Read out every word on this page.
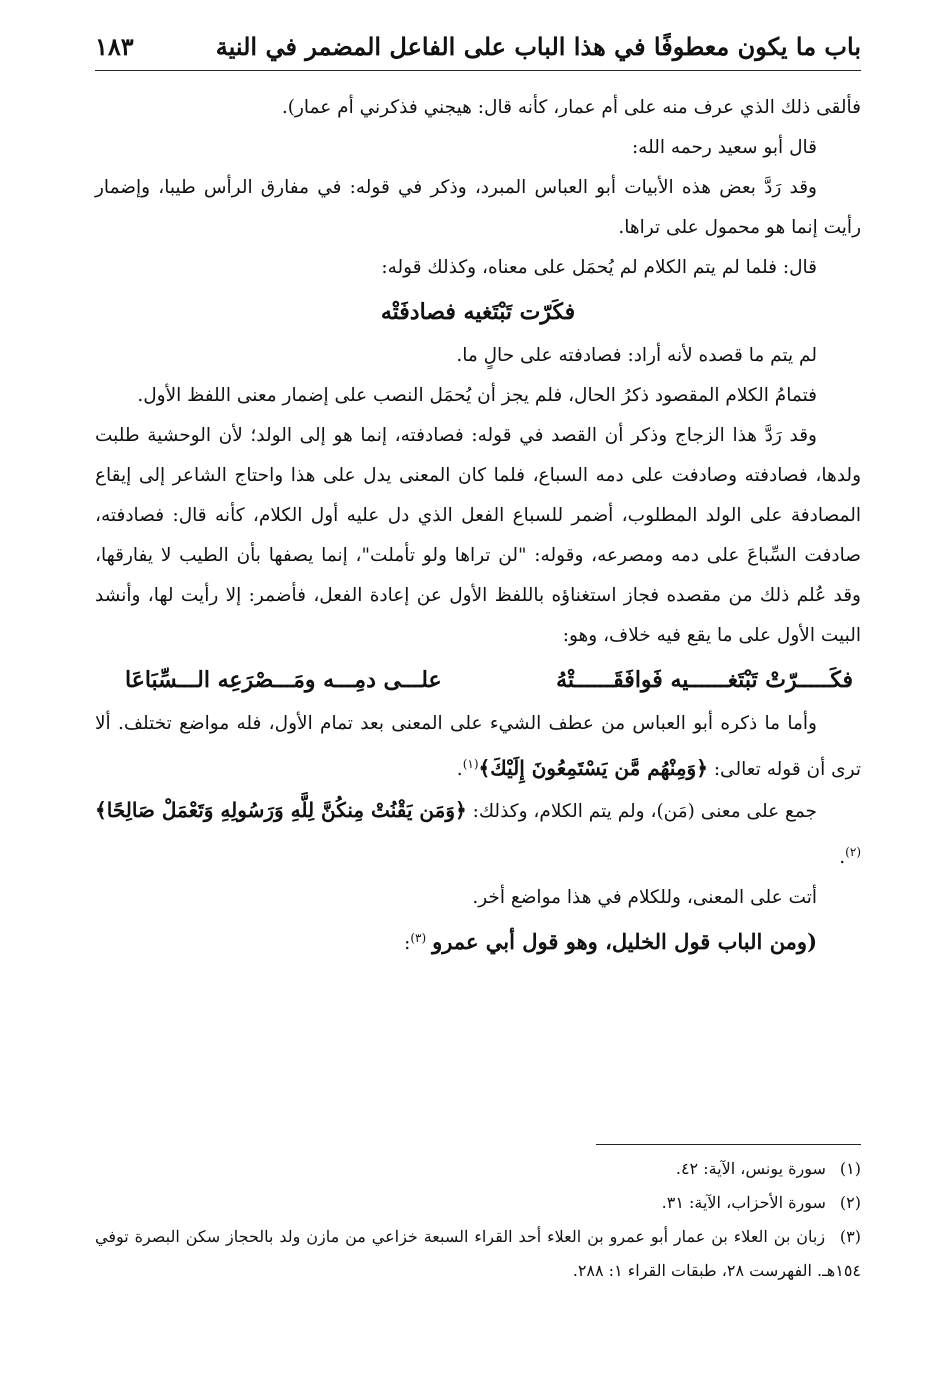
باب ما يكون معطوفًا في هذا الباب على الفاعل المضمر في النية
١٨٣

فألقى ذلك الذي عرف منه على أم عمار، كأنه قال: هيجني فذكرني أم عمار).

قال أبو سعيد رحمه الله:

وقد رَدَّ بعض هذه الأبيات أبو العباس المبرد، وذكر في قوله: في مفارق الرأس طيبا، وإضمار رأيت إنما هو محمول على تراها.

قال: فلما لم يتم الكلام لم يُحمَل على معناه، وكذلك قوله:

فكَرّت تَبْتَغيه فصادفَتْه

لم يتم ما قصده لأنه أراد: فصادفته على حالٍ ما.

فتمامُ الكلام المقصود ذكرُ الحال، فلم يجز أن يُحمَل النصب على إضمار معنى اللفظ الأول.

وقد رَدَّ هذا الزجاج وذكر أن القصد في قوله: فصادفته، إنما هو إلى الولد؛ لأن الوحشية طلبت ولدها، فصادفته وصادفت على دمه السباع، فلما كان المعنى يدل على هذا واحتاج الشاعر إلى إيقاع المصادفة على الولد المطلوب، أضمر للسباع الفعل الذي دل عليه أول الكلام، كأنه قال: فصادفته، صادفت السِّباعَ على دمه ومصرعه، وقوله: "لن تراها ولو تأملت"، إنما يصفها بأن الطيب لا يفارقها، وقد عُلم ذلك من مقصده فجاز استغناؤه باللفظ الأول عن إعادة الفعل، فأضمر: إلا رأيت لها، وأنشد البيت الأول على ما يقع فيه خلاف، وهو:

فكَـــــرّتْ تَبْتَغــــــيه فَوافَقَــــــتْهُ
علـــى دمِـــه ومَـــصْرَعِه الـــسِّبَاعَا

وأما ما ذكره أبو العباس من عطف الشيء على المعنى بعد تمام الأول، فله مواضع تختلف. ألا ترى أن قوله تعالى: ﴿وَمِنْهُم مَّن يَسْتَمِعُونَ إِلَيْكَ﴾$^{(١)}$.

جمع على معنى (مَن)، ولم يتم الكلام، وكذلك: ﴿وَمَن يَقْنُتْ مِنكُنَّ لِلَّهِ وَرَسُولِهِ وَتَعْمَلْ صَالِحًا﴾$^{(٢)}$.

أتت على المعنى، وللكلام في هذا مواضع أخر.

(ومن الباب قول الخليل، وهو قول أبي عمرو $^{(٣)}$:

(١) سورة يونس، الآية: ٤٢.

(٢) سورة الأحزاب، الآية: ٣١.

(٣) زبان بن العلاء بن عمار أبو عمرو بن العلاء أحد القراء السبعة خزاعي من مازن ولد بالحجاز سكن البصرة توفي ١٥٤هـ. الفهرست ٢٨، طبقات القراء ١: ٢٨٨.
